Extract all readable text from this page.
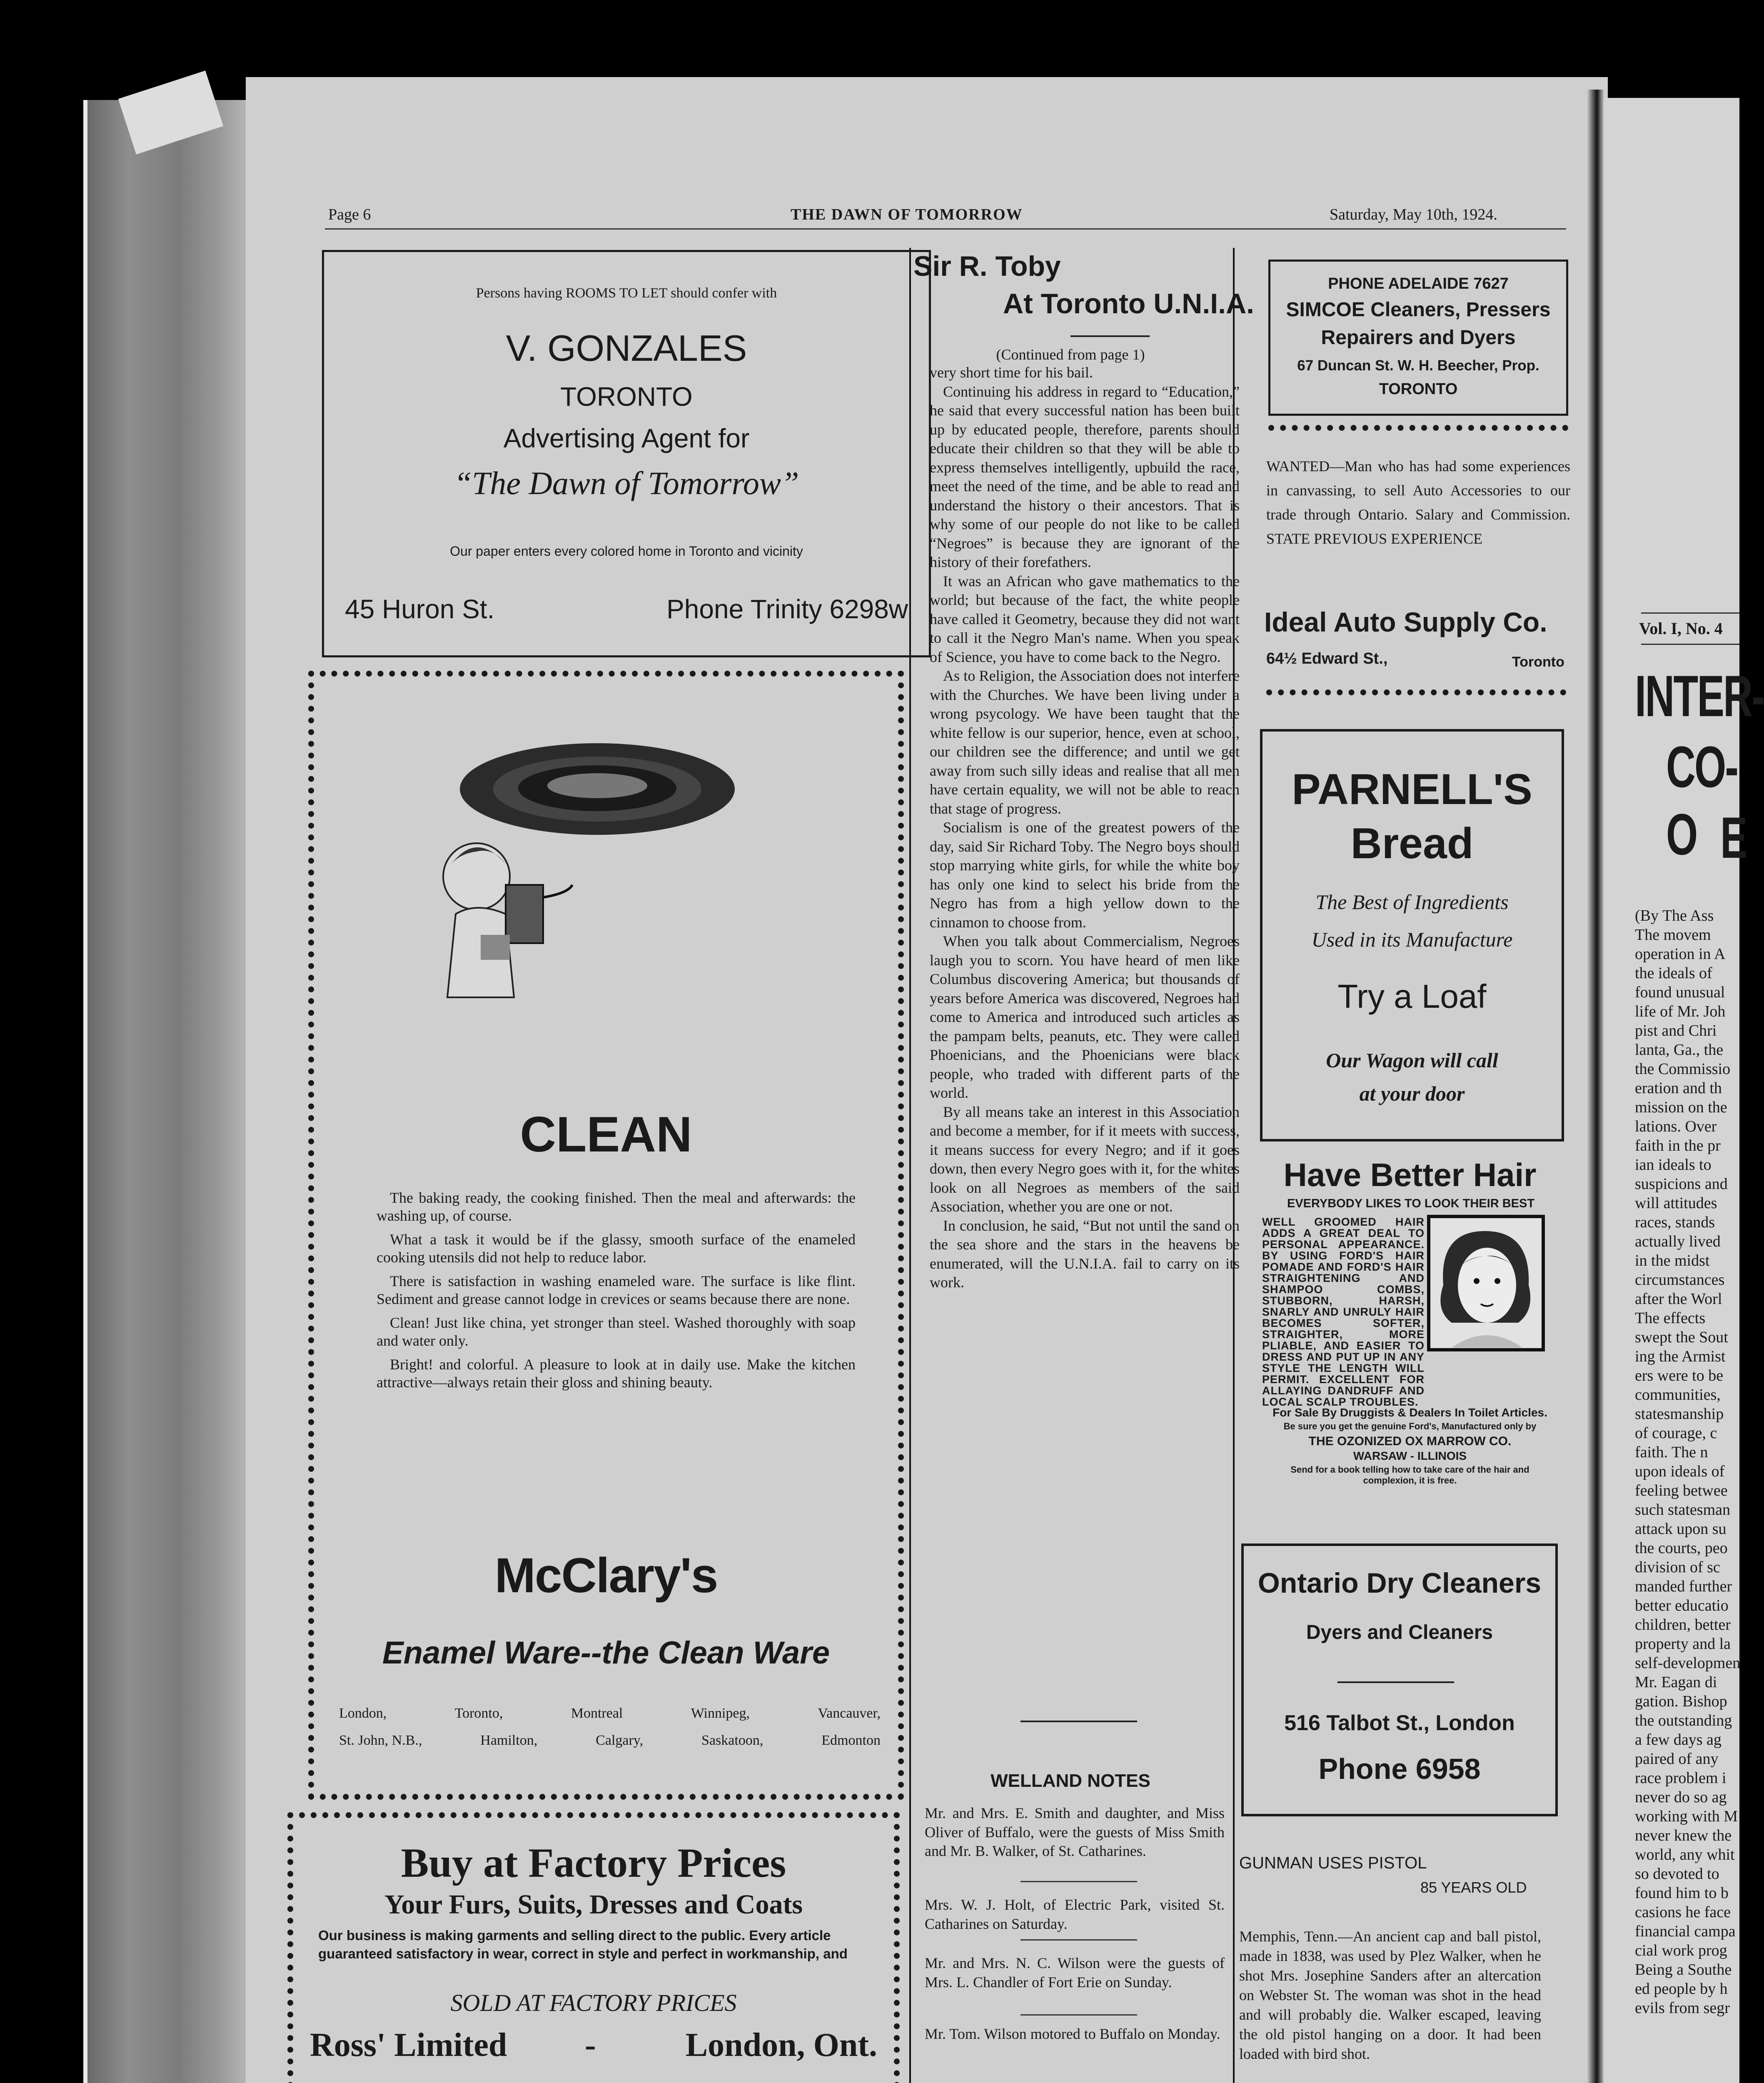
Page 6	THE DAWN OF TOMORROW	Saturday, May 10th, 1924.
Persons having ROOMS TO LET should confer with
V. GONZALES
TORONTO
Advertising Agent for
“The Dawn of Tomorrow”
Our paper enters every colored home in Toronto and vicinity
45 Huron St.	Phone Trinity 6298w
CLEAN

The baking ready, the cooking finished. Then the meal and afterwards: the washing up, of course.

What a task it would be if the glassy, smooth surface of the enameled cooking utensils did not help to reduce labor.

There is satisfaction in washing enameled ware. The surface is like flint. Sediment and grease cannot lodge in crevices or seams because there are none.

Clean! Just like china, yet stronger than steel. Washed thoroughly with soap and water only.

Bright! and colorful. A pleasure to look at in daily use. Make the kitchen attractive—always retain their gloss and shining beauty.

McClary's
Enamel Ware--the Clean Ware
London,	Toronto,	Montreal	Winnipeg,	Vancauver,
St. John, N.B.,	Hamilton,	Calgary,	Saskatoon,	Edmonton
Buy at Factory Prices
Your Furs, Suits, Dresses and Coats
Our business is making garments and selling direct to the public. Every article guaranteed satisfactory in wear, correct in style and perfect in workmanship, and
SOLD AT FACTORY PRICES
Ross' Limited -	London, Ont.
Sir R. Toby
At Toronto U.N.I.A.
(Continued from page 1)

very short time for his bail.

Continuing his address in regard to “Education,” he said that every successful nation has been built up by educated people, therefore, parents should educate their children so that they will be able to express themselves intelligently, upbuild the race, meet the need of the time, and be able to read and understand the history o their ancestors. That is why some of our people do not like to be called “Negroes” is because they are ignorant of the history of their forefathers.

It was an African who gave mathematics to the world; but because of the fact, the white people have called it Geometry, because they did not want to call it the Negro Man's name. When you speak of Science, you have to come back to the Negro.

As to Religion, the Association does not interfere with the Churches. We have been living under a wrong psycology. We have been taught that the white fellow is our superior, hence, even at school, our children see the difference; and until we get away from such silly ideas and realise that all men have certain equality, we will not be able to reach that stage of progress.

Socialism is one of the greatest powers of the day, said Sir Richard Toby. The Negro boys should stop marrying white girls, for while the white boy has only one kind to select his bride from the Negro has from a high yellow down to the cinnamon to choose from.

When you talk about Commercialism, Negroes laugh you to scorn. You have heard of men like Columbus discovering America; but thousands of years before America was discovered, Negroes had come to America and introduced such articles as the pampam belts, peanuts, etc. They were called Phoenicians, and the Phoenicians were black people, who traded with different parts of the world.

By all means take an interest in this Association and become a member, for if it meets with success, it means success for every Negro; and if it goes down, then every Negro goes with it, for the whites look on all Negroes as members of the said Association, whether you are one or not.

In conclusion, he said, “But not until the sand on the sea shore and the stars in the heavens be enumerated, will the U.N.I.A. fail to carry on its work.

WELLAND NOTES
Mr. and Mrs. E. Smith and daughter, and Miss Oliver of Buffalo, were the guests of Miss Smith and Mr. B. Walker, of St. Catharines.
Mrs. W. J. Holt, of Electric Park, visited St. Catharines on Saturday.
Mr. and Mrs. N. C. Wilson were the guests of Mrs. L. Chandler of Fort Erie on Sunday.
Mr. Tom. Wilson motored to Buffalo on Monday.
PHONE ADELAIDE 7627
SIMCOE Cleaners, Pressers
Repairers and Dyers
67 Duncan St. W. H. Beecher, Prop.
TORONTO
WANTED—Man who has had some experiences in canvassing, to sell Auto Accessories to our trade through Ontario. Salary and Commission. STATE PREVIOUS EXPERIENCE
Ideal Auto Supply Co.
64½ Edward St.,	Toronto
PARNELL'S
Bread
The Best of Ingredients
Used in its Manufacture
Try a Loaf
Our Wagon will call
at your door
Have Better Hair
EVERYBODY LIKES TO LOOK THEIR BEST
WELL GROOMED HAIR ADDS A GREAT DEAL TO PERSONAL APPEARANCE. BY USING FORD'S HAIR POMADE AND FORD'S HAIR STRAIGHTENING AND SHAMPOO COMBS, STUBBORN, HARSH, SNARLY AND UNRULY HAIR BECOMES SOFTER, STRAIGHTER, MORE PLIABLE, AND EASIER TO DRESS AND PUT UP IN ANY STYLE THE LENGTH WILL PERMIT. EXCELLENT FOR ALLAYING DANDRUFF AND LOCAL SCALP TROUBLES.
For Sale By Druggists & Dealers In Toilet Articles.
Be sure you get the genuine Ford's, Manufactured only by
THE OZONIZED OX MARROW CO.
WARSAW - ILLINOIS
Send for a book telling how to take care of the hair and complexion, it is free.
Ontario Dry Cleaners
Dyers and Cleaners
516 Talbot St., London
Phone 6958
GUNMAN USES PISTOL
85 YEARS OLD
Memphis, Tenn.—An ancient cap and ball pistol, made in 1838, was used by Plez Walker, when he shot Mrs. Josephine Sanders after an altercation on Webster St. The woman was shot in the head and will probably die. Walker escaped, leaving the old pistol hanging on a door. It had been loaded with bird shot.
Vol. I, No. 4
INTER-
CO-O E
(By The Ass
The movem
operation in A
the ideals of
found unusual
life of Mr. Joh
pist and Chri
lanta, Ga., the
the Commissio
eration and th
mission on the
lations. Over
faith in the pr
ian ideals to
suspicions and
will attitudes
races, stands
actually lived
in the midst
circumstances
after the Worl
The effects
swept the Sout
ing the Armist
ers were to be
communities,
statesmanship
of courage, c
faith. The n
upon ideals of
feeling betwee
such statesman
attack upon su
the courts, peo
division of sc
manded further
better educatio
children, better
property and la
self-developmen
Mr. Eagan di
gation. Bishop
the outstanding
a few days ag
paired of any
race problem i
never do so ag
working with M
never knew the
world, any whit
so devoted to
found him to b
casions he face
financial campa
cial work prog
Being a Southe
ed people by h
evils from segr
